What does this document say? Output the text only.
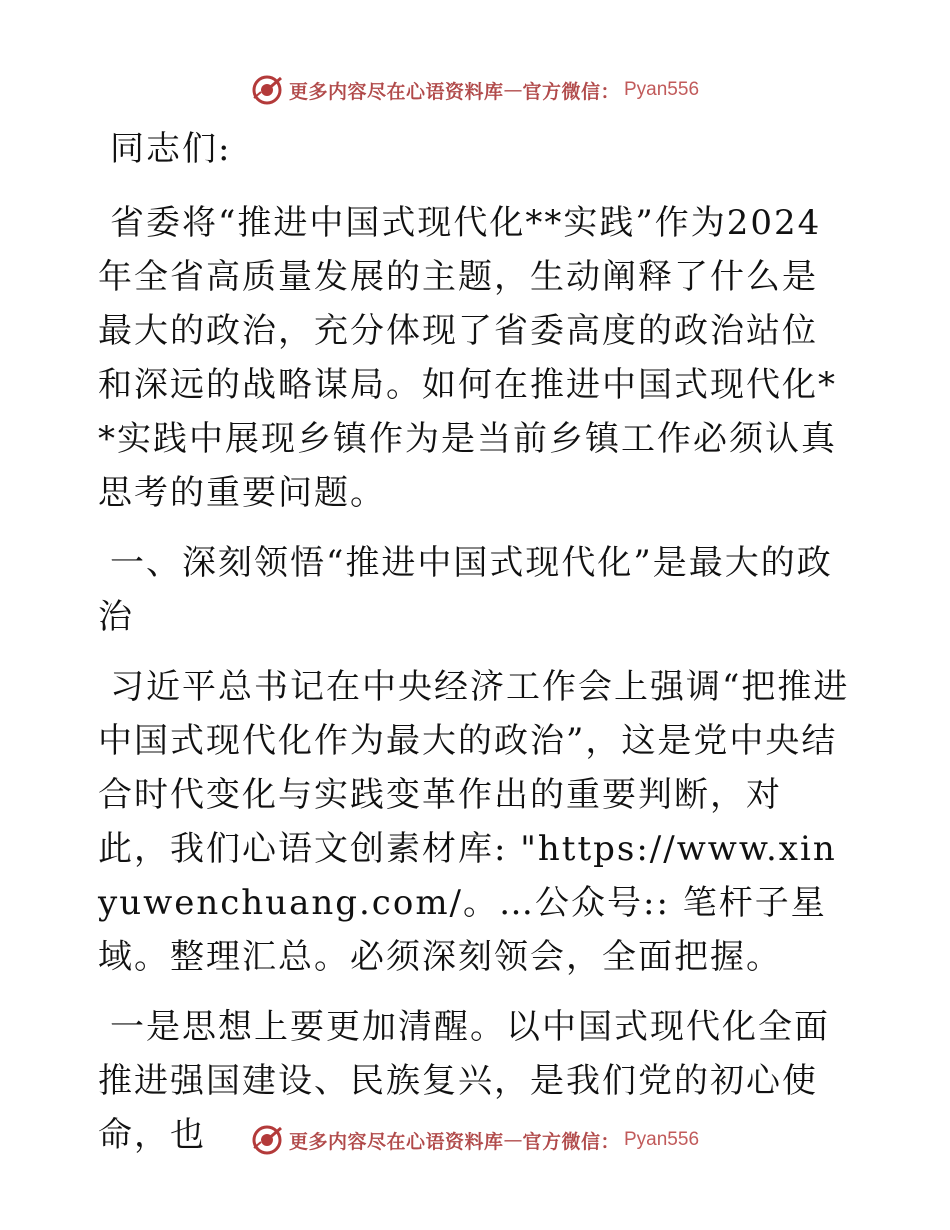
更多内容尽在心语资料库 — 官方微信： Pyan556

同志们:

省委将“推进中国式现代化**实践”作为2024年全省高质量发展的主题，生动阐释了什么是最大的政治，充分体现了省委高度的政治站位和深远的战略谋局。如何在推进中国式现代化**实践中展现乡镇作为是当前乡镇工作必须认真思考的重要问题。

一、深刻领悟“推进中国式现代化”是最大的政治

习近平总书记在中央经济工作会上强调“把推进中国式现代化作为最大的政治”，这是党中央结合时代变化与实践变革作出的重要判断，对此，我们心语文创素材库: "https://www.xinyuwenchuang.com/。…公众号:: 笔杆子星域。整理汇总。必须深刻领会，全面把握。

一是思想上要更加清醒。以中国式现代化全面推进强国建设、民族复兴，是我们党的初心使命，也	更多内容尽在心语资料库 — 官方微信： Pyan556
